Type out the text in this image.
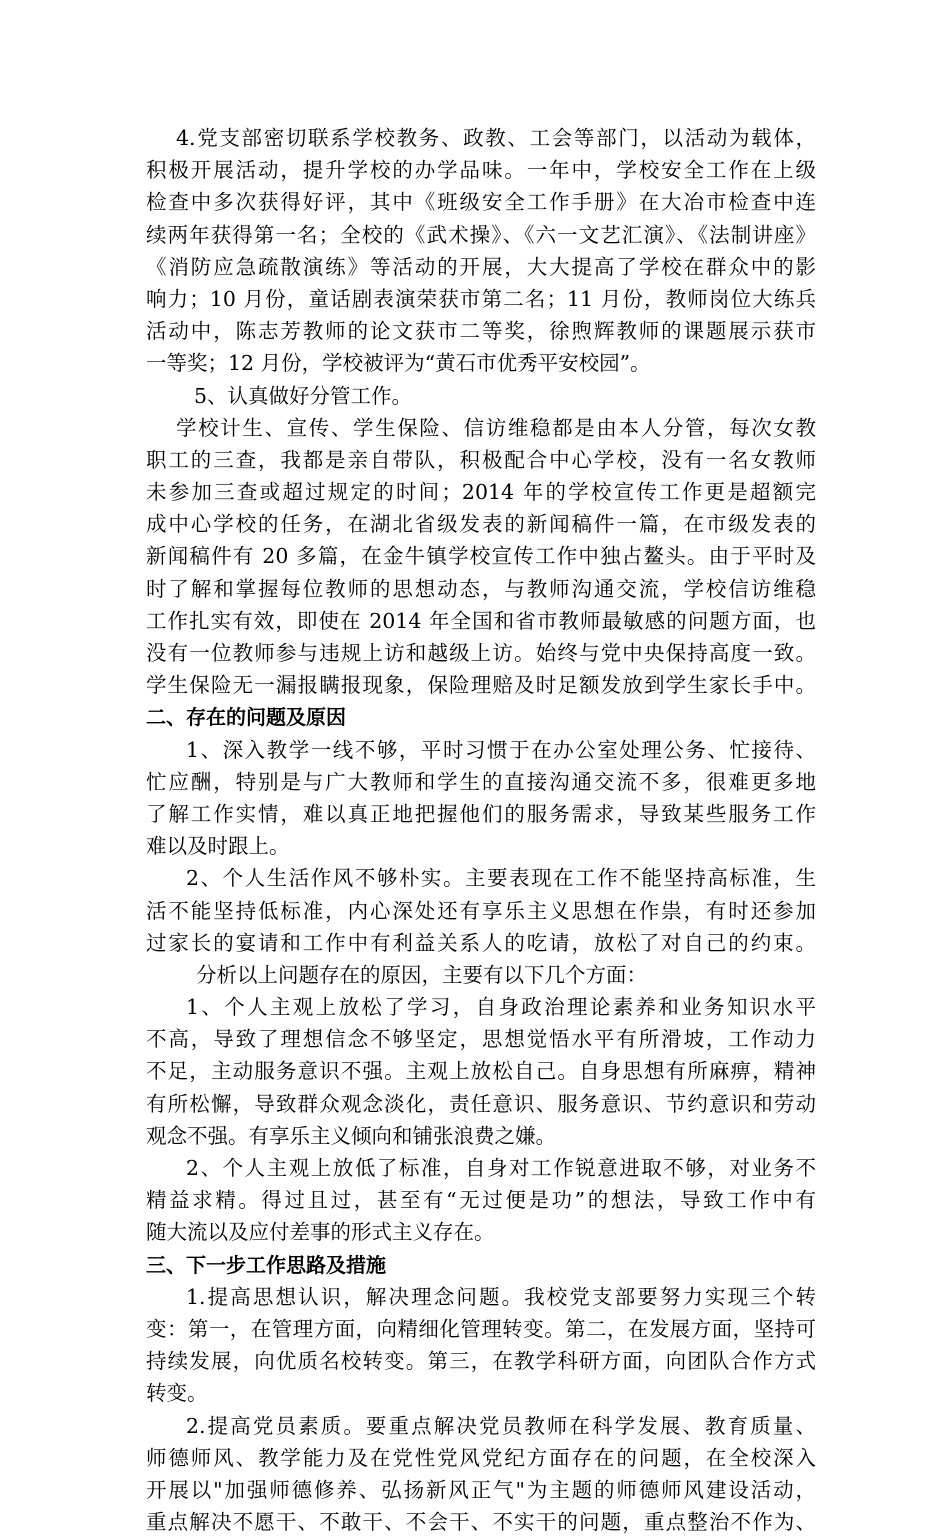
4.党支部密切联系学校教务、政教、工会等部门，以活动为载体，
积极开展活动，提升学校的办学品味。一年中，学校安全工作在上级
检查中多次获得好评，其中《班级安全工作手册》在大冶市检查中连
续两年获得第一名；全校的《武术操》、《六一文艺汇演》、《法制讲座》
《消防应急疏散演练》等活动的开展，大大提高了学校在群众中的影
响力；10 月份，童话剧表演荣获市第二名；11 月份，教师岗位大练兵
活动中，陈志芳教师的论文获市二等奖，徐煦辉教师的课题展示获市
一等奖；12 月份，学校被评为“黄石市优秀平安校园”。
5、认真做好分管工作。
学校计生、宣传、学生保险、信访维稳都是由本人分管，每次女教
职工的三查，我都是亲自带队，积极配合中心学校，没有一名女教师
未参加三查或超过规定的时间；2014 年的学校宣传工作更是超额完
成中心学校的任务，在湖北省级发表的新闻稿件一篇，在市级发表的
新闻稿件有 20 多篇，在金牛镇学校宣传工作中独占鳌头。由于平时及
时了解和掌握每位教师的思想动态，与教师沟通交流，学校信访维稳
工作扎实有效，即使在 2014 年全国和省市教师最敏感的问题方面，也
没有一位教师参与违规上访和越级上访。始终与党中央保持高度一致。
学生保险无一漏报瞒报现象，保险理赔及时足额发放到学生家长手中。
二、存在的问题及原因
1、深入教学一线不够，平时习惯于在办公室处理公务、忙接待、
忙应酬，特别是与广大教师和学生的直接沟通交流不多，很难更多地
了解工作实情，难以真正地把握他们的服务需求，导致某些服务工作
难以及时跟上。
2、个人生活作风不够朴实。主要表现在工作不能坚持高标准，生
活不能坚持低标准，内心深处还有享乐主义思想在作祟，有时还参加
过家长的宴请和工作中有利益关系人的吃请，放松了对自己的约束。
分析以上问题存在的原因，主要有以下几个方面：
1、个人主观上放松了学习，自身政治理论素养和业务知识水平
不高，导致了理想信念不够坚定，思想觉悟水平有所滑坡，工作动力
不足，主动服务意识不强。主观上放松自己。自身思想有所麻痹，精神
有所松懈，导致群众观念淡化，责任意识、服务意识、节约意识和劳动
观念不强。有享乐主义倾向和铺张浪费之嫌。
2、个人主观上放低了标准，自身对工作锐意进取不够，对业务不
精益求精。得过且过，甚至有“无过便是功”的想法，导致工作中有
随大流以及应付差事的形式主义存在。
三、下一步工作思路及措施
1.提高思想认识，解决理念问题。我校党支部要努力实现三个转
变：第一，在管理方面，向精细化管理转变。第二，在发展方面，坚持可
持续发展，向优质名校转变。第三，在教学科研方面，向团队合作方式
转变。
2.提高党员素质。要重点解决党员教师在科学发展、教育质量、
师德师风、教学能力及在党性党风党纪方面存在的问题，在全校深入
开展以"加强师德修养、弘扬新风正气"为主题的师德师风建设活动，
重点解决不愿干、不敢干、不会干、不实干的问题，重点整治不作为、
